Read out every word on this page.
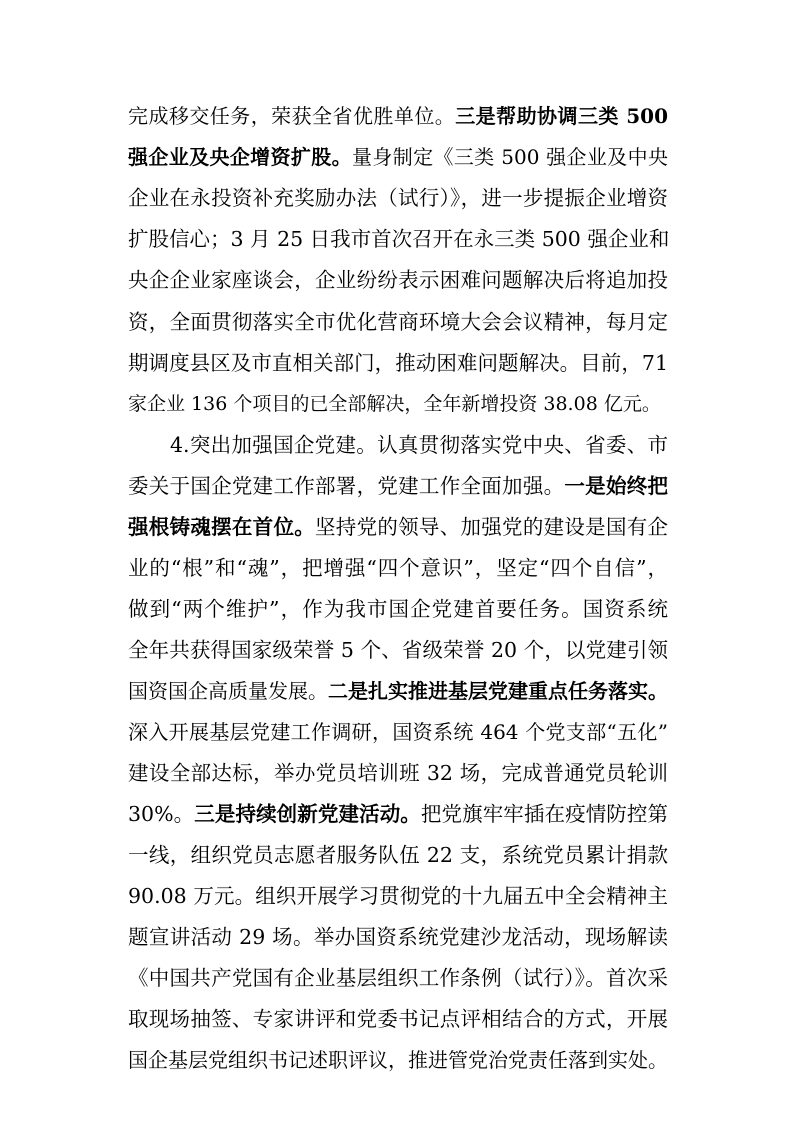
完成移交任务，荣获全省优胜单位。三是帮助协调三类 500
强企业及央企增资扩股。量身制定《三类 500 强企业及中央
企业在永投资补充奖励办法（试行）》，进一步提振企业增资
扩股信心；3 月 25 日我市首次召开在永三类 500 强企业和
央企企业家座谈会，企业纷纷表示困难问题解决后将追加投
资，全面贯彻落实全市优化营商环境大会会议精神，每月定
期调度县区及市直相关部门，推动困难问题解决。目前，71
家企业 136 个项目的已全部解决，全年新增投资 38.08 亿元。
4.突出加强国企党建。认真贯彻落实党中央、省委、市
委关于国企党建工作部署，党建工作全面加强。一是始终把
强根铸魂摆在首位。坚持党的领导、加强党的建设是国有企
业的“根”和“魂”，把增强“四个意识”，坚定“四个自信”，
做到“两个维护”，作为我市国企党建首要任务。国资系统
全年共获得国家级荣誉 5 个、省级荣誉 20 个，以党建引领
国资国企高质量发展。二是扎实推进基层党建重点任务落实。
深入开展基层党建工作调研，国资系统 464 个党支部“五化”
建设全部达标，举办党员培训班 32 场，完成普通党员轮训
30%。三是持续创新党建活动。把党旗牢牢插在疫情防控第
一线，组织党员志愿者服务队伍 22 支，系统党员累计捐款
90.08 万元。组织开展学习贯彻党的十九届五中全会精神主
题宣讲活动 29 场。举办国资系统党建沙龙活动，现场解读
《中国共产党国有企业基层组织工作条例（试行）》。首次采
取现场抽签、专家讲评和党委书记点评相结合的方式，开展
国企基层党组织书记述职评议，推进管党治党责任落到实处。
